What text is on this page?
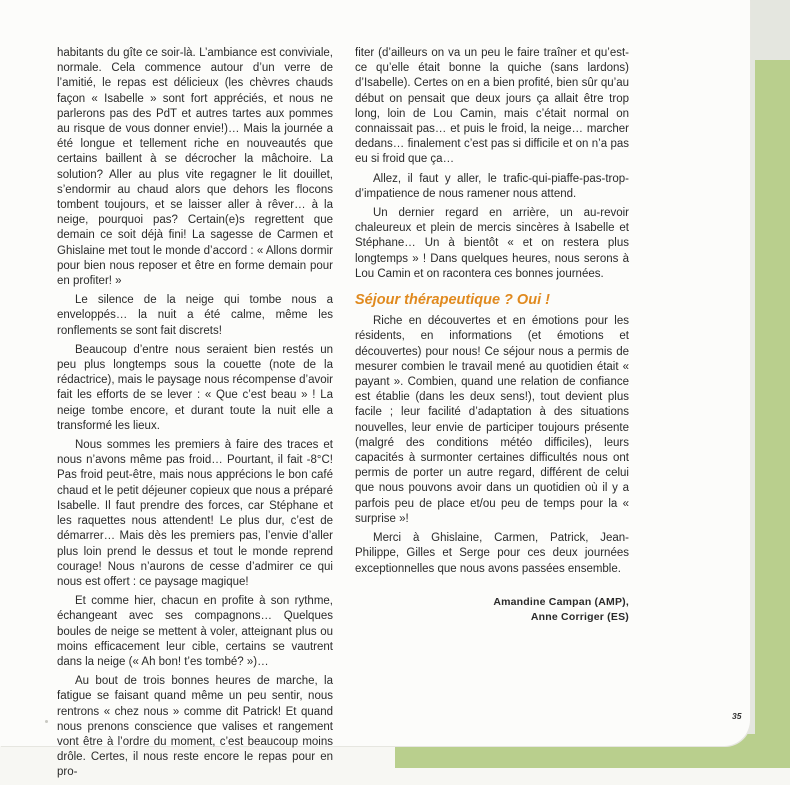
habitants du gîte ce soir-là. L’ambiance est conviviale, normale. Cela commence autour d’un verre de l’amitié, le repas est délicieux (les chèvres chauds façon « Isabelle » sont fort appréciés, et nous ne parlerons pas des PdT et autres tartes aux pommes au risque de vous donner envie!)… Mais la journée a été longue et tellement riche en nouveautés que certains baillent à se décrocher la mâchoire. La solution? Aller au plus vite regagner le lit douillet, s’endormir au chaud alors que dehors les flocons tombent toujours, et se laisser aller à rêver… à la neige, pourquoi pas? Certain(e)s regrettent que demain ce soit déjà fini! La sagesse de Carmen et Ghislaine met tout le monde d’accord : « Allons dormir pour bien nous reposer et être en forme demain pour en profiter! »

Le silence de la neige qui tombe nous a enveloppés… la nuit a été calme, même les ronflements se sont fait discrets!

Beaucoup d’entre nous seraient bien restés un peu plus longtemps sous la couette (note de la rédactrice), mais le paysage nous récompense d’avoir fait les efforts de se lever : « Que c’est beau » ! La neige tombe encore, et durant toute la nuit elle a transformé les lieux.

Nous sommes les premiers à faire des traces et nous n’avons même pas froid… Pourtant, il fait -8°C! Pas froid peut-être, mais nous apprécions le bon café chaud et le petit déjeuner copieux que nous a préparé Isabelle. Il faut prendre des forces, car Stéphane et les raquettes nous attendent! Le plus dur, c’est de démarrer… Mais dès les premiers pas, l’envie d’aller plus loin prend le dessus et tout le monde reprend courage! Nous n’aurons de cesse d’admirer ce qui nous est offert : ce paysage magique!

Et comme hier, chacun en profite à son rythme, échangeant avec ses compagnons… Quelques boules de neige se mettent à voler, atteignant plus ou moins efficacement leur cible, certains se vautrent dans la neige (« Ah bon! t’es tombé? »)…

Au bout de trois bonnes heures de marche, la fatigue se faisant quand même un peu sentir, nous rentrons « chez nous » comme dit Patrick! Et quand nous prenons conscience que valises et rangement vont être à l’ordre du moment, c’est beaucoup moins drôle. Certes, il nous reste encore le repas pour en pro-

fiter (d’ailleurs on va un peu le faire traîner et qu’est-ce qu’elle était bonne la quiche (sans lardons) d’Isabelle). Certes on en a bien profité, bien sûr qu’au début on pensait que deux jours ça allait être trop long, loin de Lou Camin, mais c’était normal on connaissait pas… et puis le froid, la neige… marcher dedans… finalement c’est pas si difficile et on n’a pas eu si froid que ça…

Allez, il faut y aller, le trafic-qui-piaffe-pas-trop-d’impatience de nous ramener nous attend.

Un dernier regard en arrière, un au-revoir chaleureux et plein de mercis sincères à Isabelle et Stéphane… Un à bientôt « et on restera plus longtemps » ! Dans quelques heures, nous serons à Lou Camin et on racontera ces bonnes journées.

Séjour thérapeutique ? Oui !

Riche en découvertes et en émotions pour les résidents, en informations (et émotions et découvertes) pour nous! Ce séjour nous a permis de mesurer combien le travail mené au quotidien était « payant ». Combien, quand une relation de confiance est établie (dans les deux sens!), tout devient plus facile ; leur facilité d’adaptation à des situations nouvelles, leur envie de participer toujours présente (malgré des conditions météo difficiles), leurs capacités à surmonter certaines difficultés nous ont permis de porter un autre regard, différent de celui que nous pouvons avoir dans un quotidien où il y a parfois peu de place et/ou peu de temps pour la « surprise »!

Merci à Ghislaine, Carmen, Patrick, Jean-Philippe, Gilles et Serge pour ces deux journées exceptionnelles que nous avons passées ensemble.

Amandine Campan (AMP),
Anne Corriger (ES)
35
